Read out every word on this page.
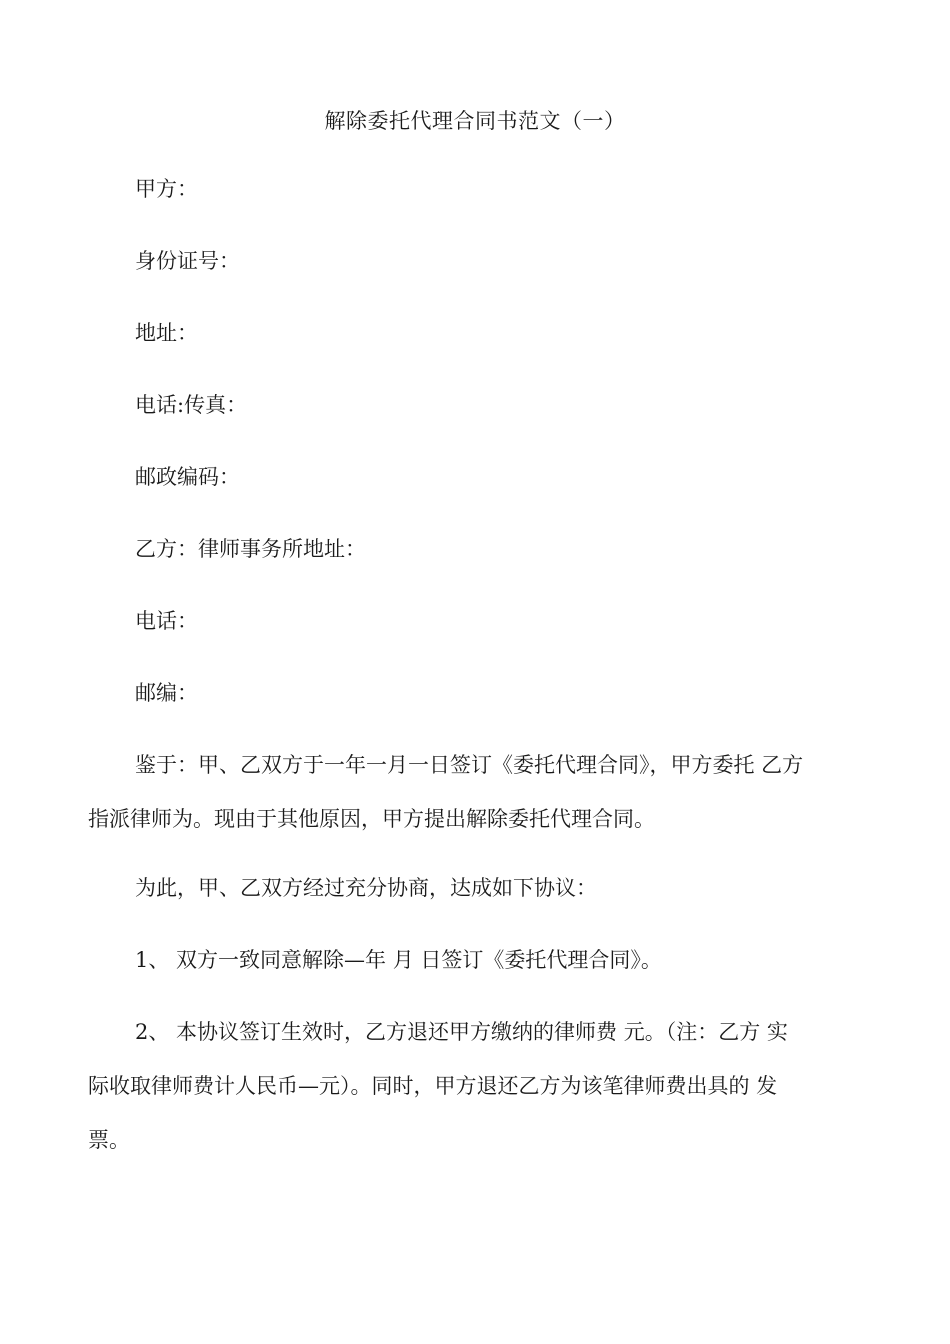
解除委托代理合同书范文（一）
甲方：
身份证号：
地址：
电话:传真：
邮政编码：
乙方：律师事务所地址：
电话：
邮编：
鉴于：甲、乙双方于一年一月一日签订《委托代理合同》，甲方委托 乙方
指派律师为。现由于其他原因，甲方提出解除委托代理合同。
为此，甲、乙双方经过充分协商，达成如下协议：
1、 双方一致同意解除—年 月 日签订《委托代理合同》。
2、 本协议签订生效时，乙方退还甲方缴纳的律师费 元。（注：乙方 实
际收取律师费计人民币—元）。同时，甲方退还乙方为该笔律师费出具的 发
票。
